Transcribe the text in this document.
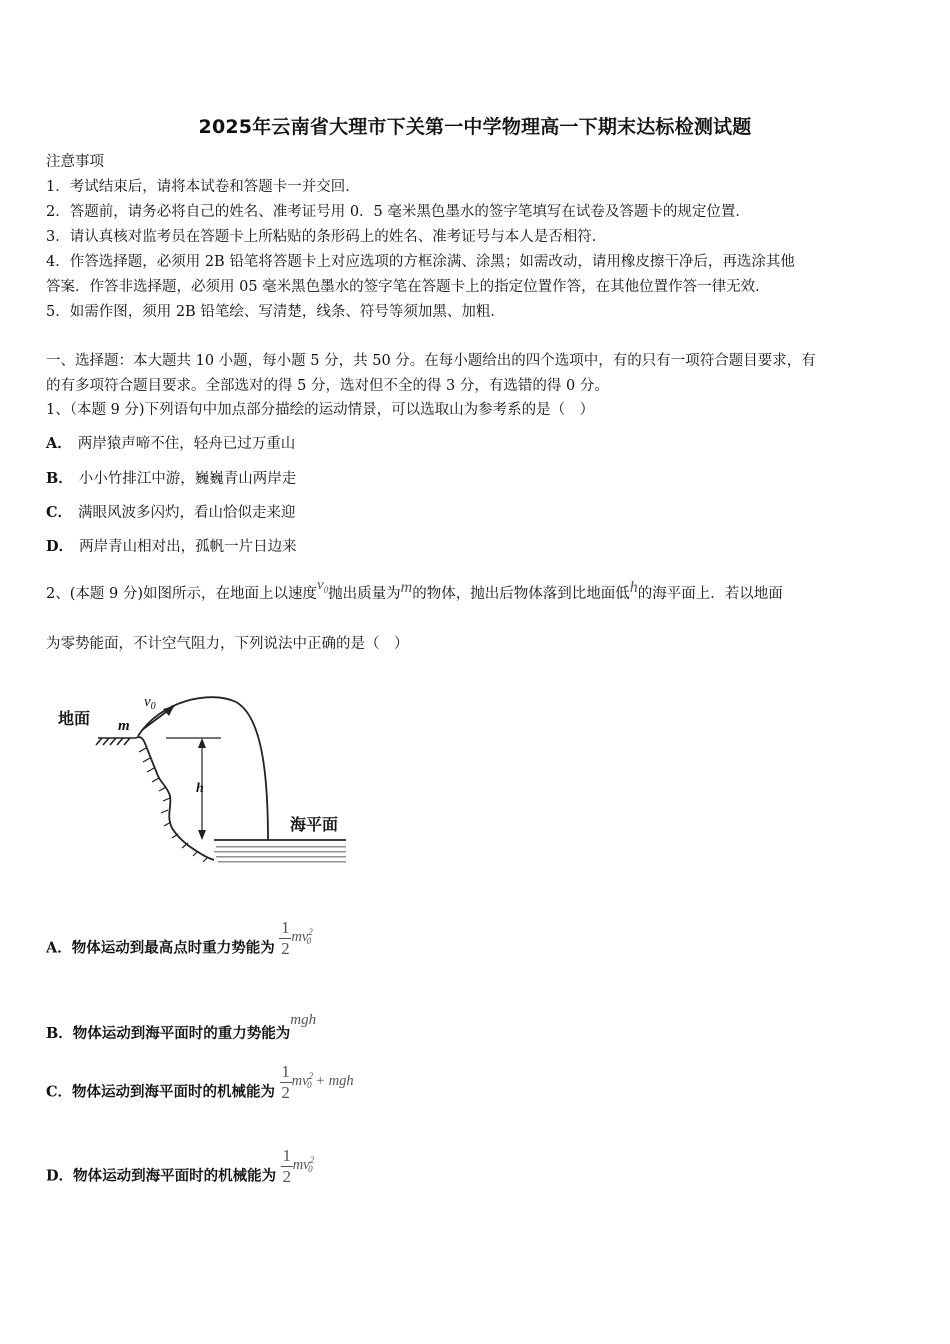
2025年云南省大理市下关第一中学物理高一下期末达标检测试题
注意事项
1．考试结束后，请将本试卷和答题卡一并交回．
2．答题前，请务必将自己的姓名、准考证号用 0．5 毫米黑色墨水的签字笔填写在试卷及答题卡的规定位置．
3．请认真核对监考员在答题卡上所粘贴的条形码上的姓名、准考证号与本人是否相符．
4．作答选择题，必须用 2B 铅笔将答题卡上对应选项的方框涂满、涂黑；如需改动，请用橡皮擦干净后，再选涂其他
答案．作答非选择题，必须用 05 毫米黑色墨水的签字笔在答题卡上的指定位置作答，在其他位置作答一律无效．
5．如需作图，须用 2B 铅笔绘、写清楚，线条、符号等须加黑、加粗．
一、选择题：本大题共 10 小题，每小题 5 分，共 50 分。在每小题给出的四个选项中，有的只有一项符合题目要求，有
的有多项符合题目要求。全部选对的得 5 分，选对但不全的得 3 分，有选错的得 0 分。
1、（本题 9 分)下列语句中加点部分描绘的运动情景，可以选取山为参考系的是（　）
A． 两岸猿声啼不住，轻舟已过万重山
B． 小小竹排江中游，巍巍青山两岸走
C． 满眼风波多闪灼，看山恰似走来迎
D． 两岸青山相对出，孤帆一片日边来
2、(本题 9 分)如图所示，在地面上以速度$v_0$抛出质量为m的物体，抛出后物体落到比地面低h的海平面上．若以地面
为零势能面，不计空气阻力，下列说法中正确的是（　）
地面 m
$v_0$
h
海平面
A．物体运动到最高点时重力势能为 $\frac{1}{2} mv^2_0$
B．物体运动到海平面时的重力势能为mgh
C．物体运动到海平面时的机械能为 $\frac{1}{2} mv^2_0$ + mgh
D．物体运动到海平面时的机械能为 $\frac{1}{2} mv^2_0$
